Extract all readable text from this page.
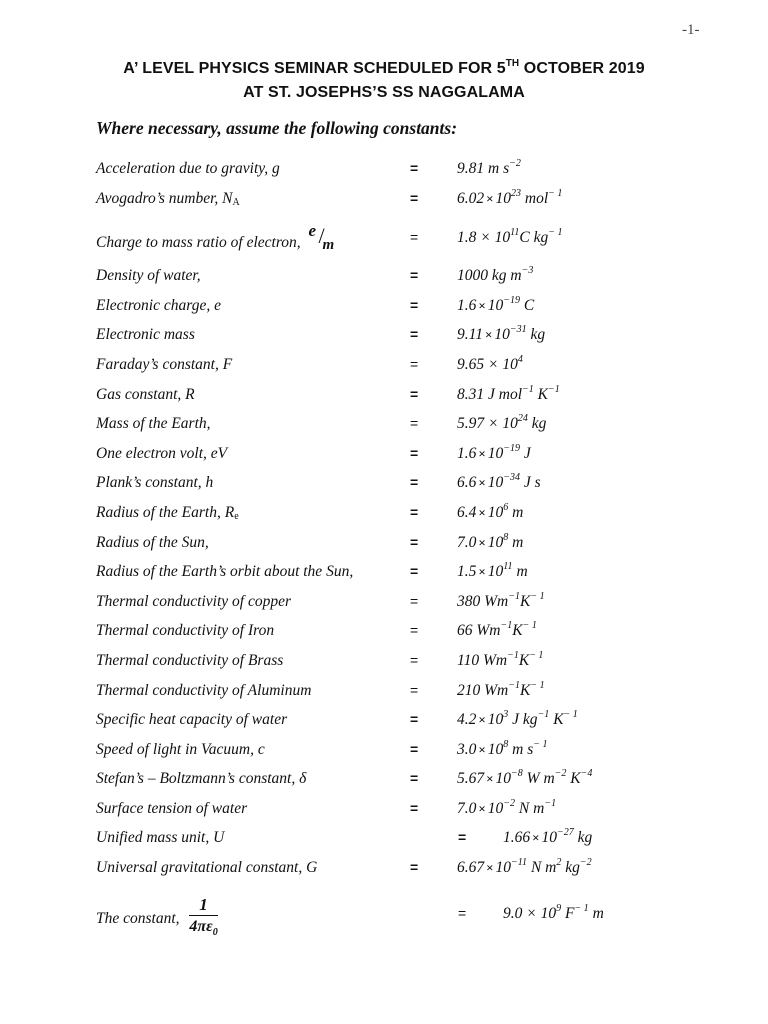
-1-
A’ LEVEL PHYSICS SEMINAR SCHEDULED FOR 5TH OCTOBER 2019
AT ST. JOSEPHS’S SS NAGGALAMA
Where necessary, assume the following constants:
Acceleration due to gravity, g	=	9.81 m $s^{-2}$
Avogadro’s number, $N_A$	=	$6.02 \times 10^{23}$ mol$^{- 1}$
Charge to mass ratio of electron,
e /
m	=	$1.8 \times 10^{11}C$ $kg^{- 1}$
Density of water,	=	1000 kg $m^{-3}$
Electronic charge, e	=	$1.6 \times 10^{-19}$ C
Electronic mass	=	$9.11 \times 10^{-31}$ kg
Faraday’s constant, F	=	$9.65 \times 10^4$
Gas constant, R	=	8.31 J mol$^{-1}$ $K^{-1}$
Mass of the Earth,	=	$5.97 \times 10^{24}$ kg
One electron volt, eV	=	$1.6 \times 10^{-19}$ J
Plank’s constant, h	=	$6.6 \times 10^{-34}$ J s
Radius of the Earth, $R_e$	=	$6.4 \times 10^6$ m
Radius of the Sun,	=	$7.0 \times 10^8$ m
Radius of the Earth’s orbit about the Sun,	=	$1.5 \times 10^{11}$ m
Thermal conductivity of copper	=	380 $Wm^{-1}K^{- 1}$
Thermal conductivity of Iron	=	66 $Wm^{-1}K^{- 1}$
Thermal conductivity of Brass	=	110 $Wm^{-1}K^{- 1}$
Thermal conductivity of Aluminum	=	210 $Wm^{-1}K^{- 1}$
Specific heat capacity of water	=	$4.2 \times 10^3$ J $kg^{-1}$ $K^{- 1}$
Speed of light in Vacuum, c	=	$3.0 \times 10^8$ m $s^{- 1}$
Stefan’s – Boltzmann’s constant, δ	=	$5.67 \times 10^{-8}$ W $m^{-2}$ $K^{-4}$
Surface tension of water	=	$7.0 \times 10^{-2}$ N $m^{-1}$
Unified mass unit, U	= $1.66 \times 10^{-27}$ kg
Universal gravitational constant, G	=	$6.67 \times 10^{-11}$ N $m^2$ $kg^{-2}$
The constant, $\frac{1}{4\pi\varepsilon_0}$	= $9.0 \times 10^9$ $F^{- 1}$ m
